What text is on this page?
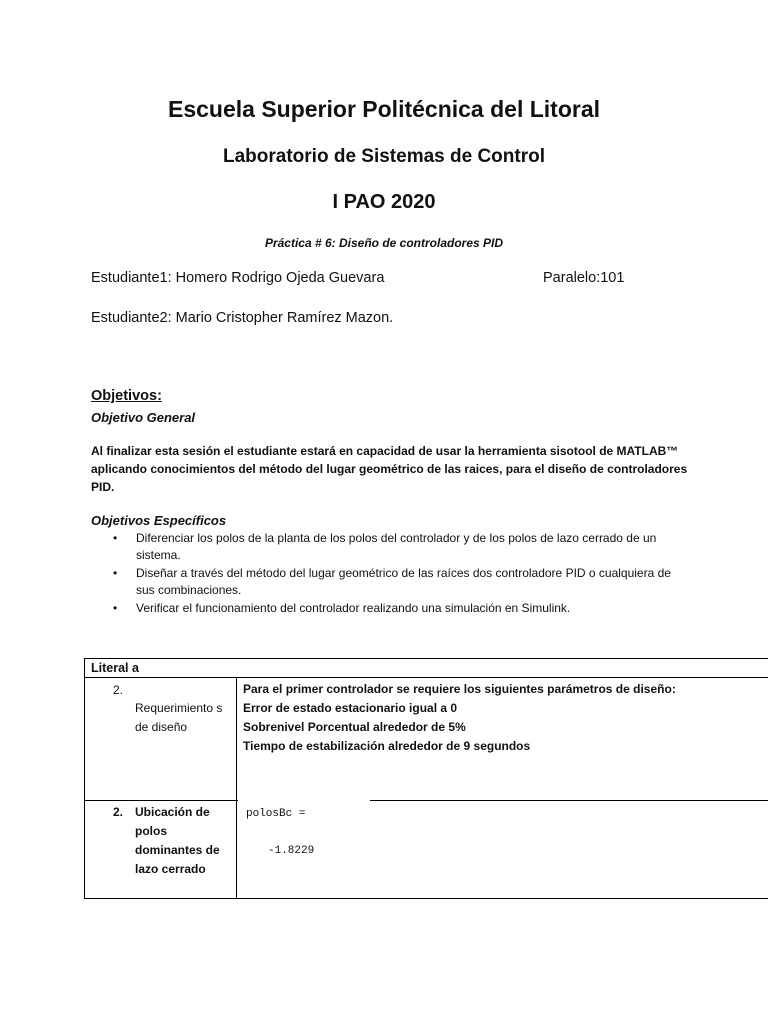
Escuela Superior Politécnica del Litoral
Laboratorio de Sistemas de Control
I PAO 2020
Práctica # 6: Diseño de controladores PID
Estudiante1: Homero Rodrigo Ojeda Guevara	Paralelo:101
Estudiante2: Mario Cristopher Ramírez Mazon.
Objetivos:
Objetivo General
Al finalizar esta sesión el estudiante estará en capacidad de usar la herramienta sisotool de MATLAB™ aplicando conocimientos del método del lugar geométrico de las raices, para el diseño de controladores PID.
Objetivos Específicos
• Diferenciar los polos de la planta de los polos del controlador y de los polos de lazo cerrado de un sistema.
• Diseñar a través del método del lugar geométrico de las raíces dos controladore PID o cualquiera de sus combinaciones.
• Verificar el funcionamiento del controlador realizando una simulación en Simulink.
Literal a
2.
Requerimiento s de diseño
Para el primer controlador se requiere los siguientes parámetros de diseño:
Error de estado estacionario igual a 0
Sobrenivel Porcentual alrededor de 5%
Tiempo de estabilización alrededor de 9 segundos
2. Ubicación de polos dominantes de lazo cerrado
polosBc =
-1.8229
